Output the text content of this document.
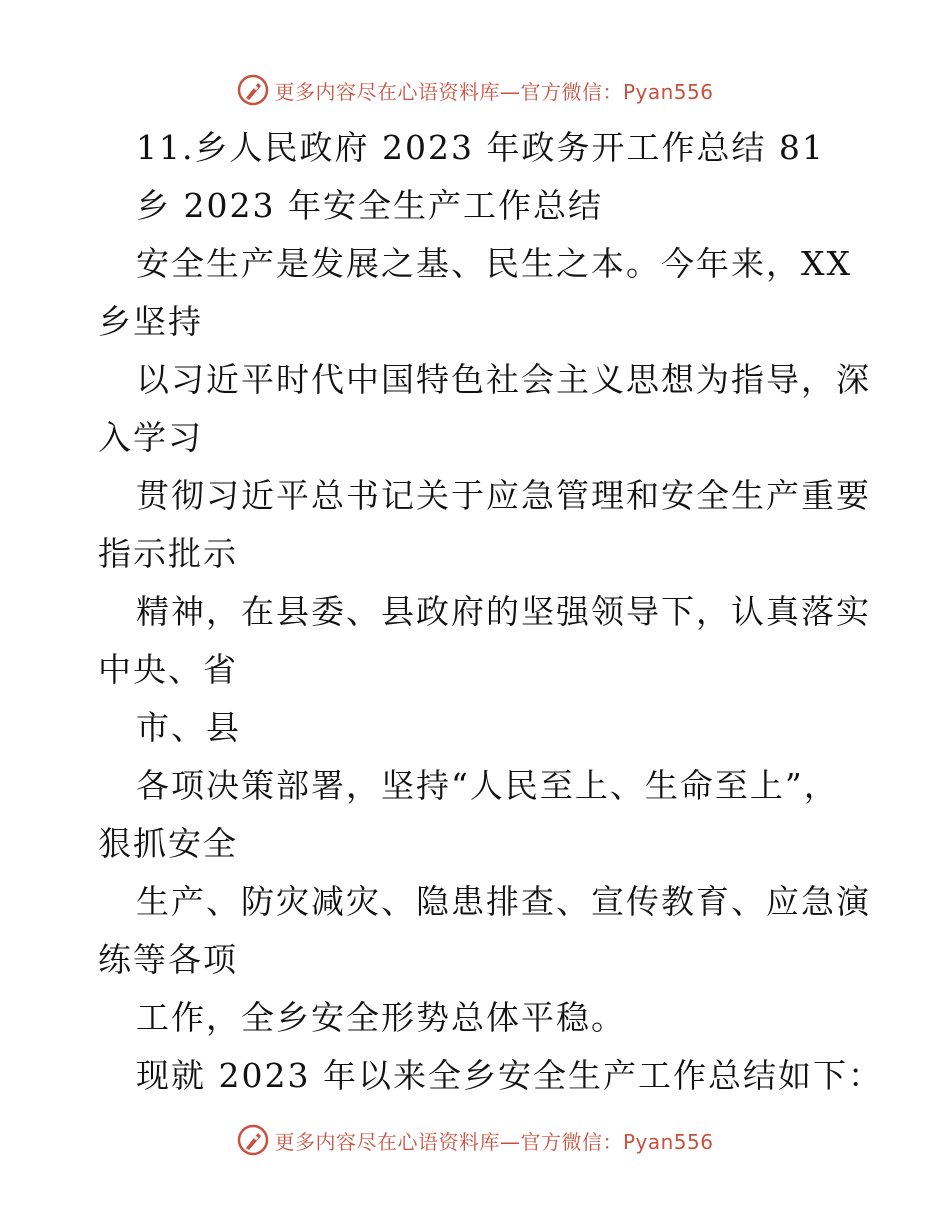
更多内容尽在心语资料库—官方微信：Pyan556
11.乡人民政府 2023 年政务开工作总结 81
乡 2023 年安全生产工作总结
安全生产是发展之基、民生之本。今年来，XX
乡坚持
以习近平时代中国特色社会主义思想为指导，深
入学习
贯彻习近平总书记关于应急管理和安全生产重要
指示批示
精神，在县委、县政府的坚强领导下，认真落实
中央、省
市、县
各项决策部署，坚持“人民至上、生命至上”，
狠抓安全
生产、防灾减灾、隐患排查、宣传教育、应急演
练等各项
工作，全乡安全形势总体平稳。
现就 2023 年以来全乡安全生产工作总结如下：
更多内容尽在心语资料库—官方微信：Pyan556
